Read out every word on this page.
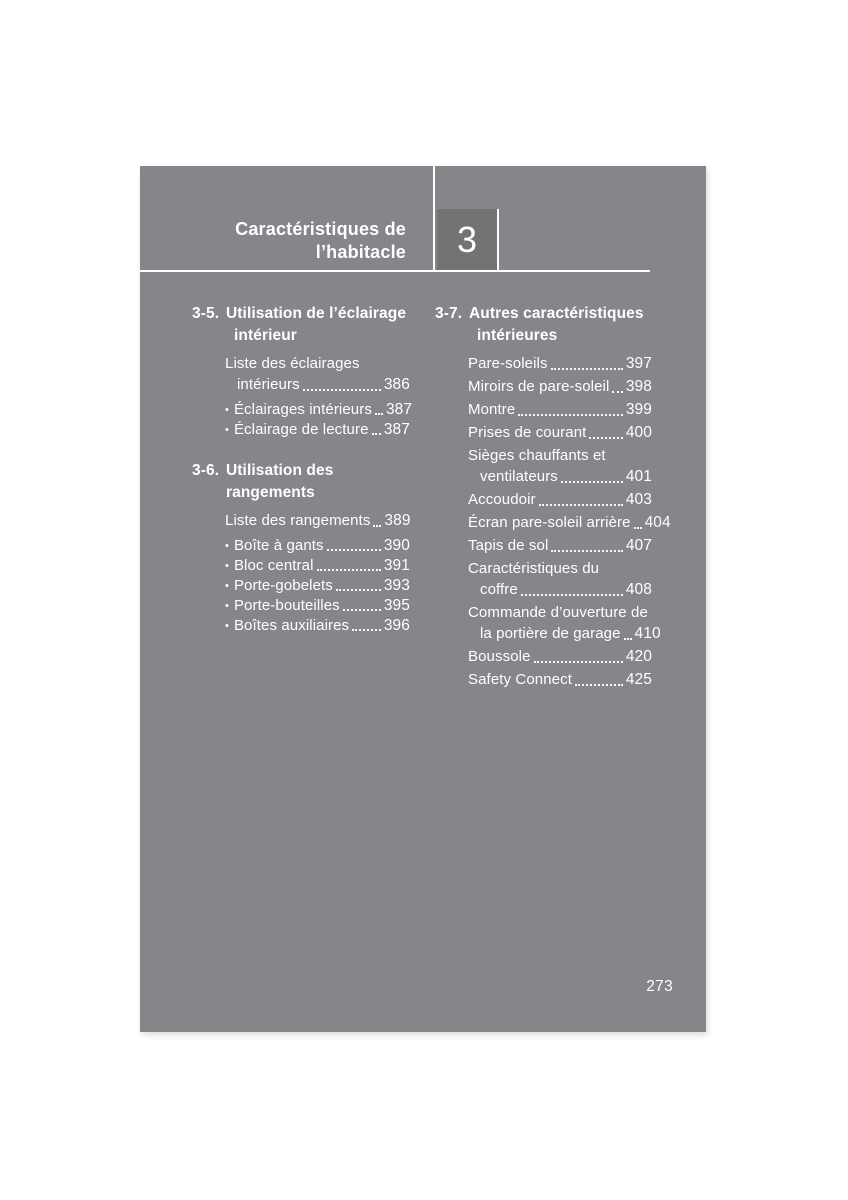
Caractéristiques de
l’habitacle 3
3-5. Utilisation de l’éclairage
intérieur
Liste des éclairages
intérieurs	386
• Éclairages intérieurs 387
• Éclairage de lecture 387
3-6. Utilisation des rangements
Liste des rangements 389
• Boîte à gants	390
• Bloc central	391
• Porte-gobelets	393
• Porte-bouteilles	395
• Boîtes auxiliaires 396
3-7. Autres caractéristiques
intérieures
Pare-soleils	397
Miroirs de pare-soleil 398
Montre	399
Prises de courant	400
Sièges chauffants et
ventilateurs	401
Accoudoir	403
Écran pare-soleil arrière 404
Tapis de sol	407
Caractéristiques du
coffre	408
Commande d’ouverture de
la portière de garage 410
Boussole	420
Safety Connect	425
273
